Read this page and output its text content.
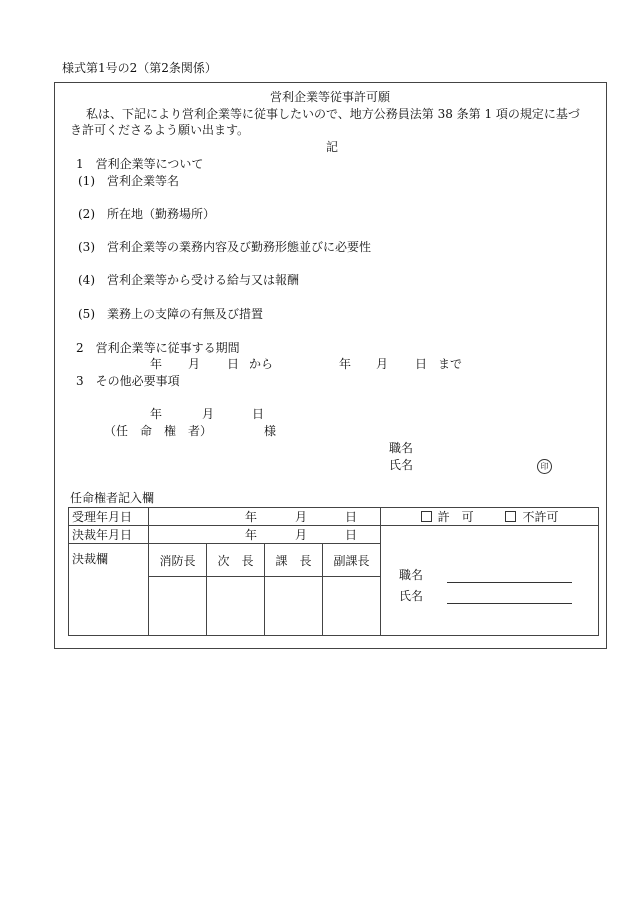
様式第1号の2（第2条関係）
営利企業等従事許可願
私は、下記により営利企業等に従事したいので、地方公務員法第 38 条第 1 項の規定に基づ
き許可くださるよう願い出ます。
記
1　営利企業等について
(1)　営利企業等名
(2)　所在地（勤務場所）
(3)　営利企業等の業務内容及び勤務形態並びに必要性
(4)　営利企業等から受ける給与又は報酬
(5)　業務上の支障の有無及び措置
2　営利企業等に従事する期間
年 月 日 から	年 月 日 まで
3　その他必要事項
年	月	日
（任　命　権　者）	様
職名
氏名	印
任命権者記入欄
受理年月日	年 月 日				許　可 不許可
決裁年月日	年 月 日				職名
氏名

決裁欄	消防長	次　長	課　長	副課長	
